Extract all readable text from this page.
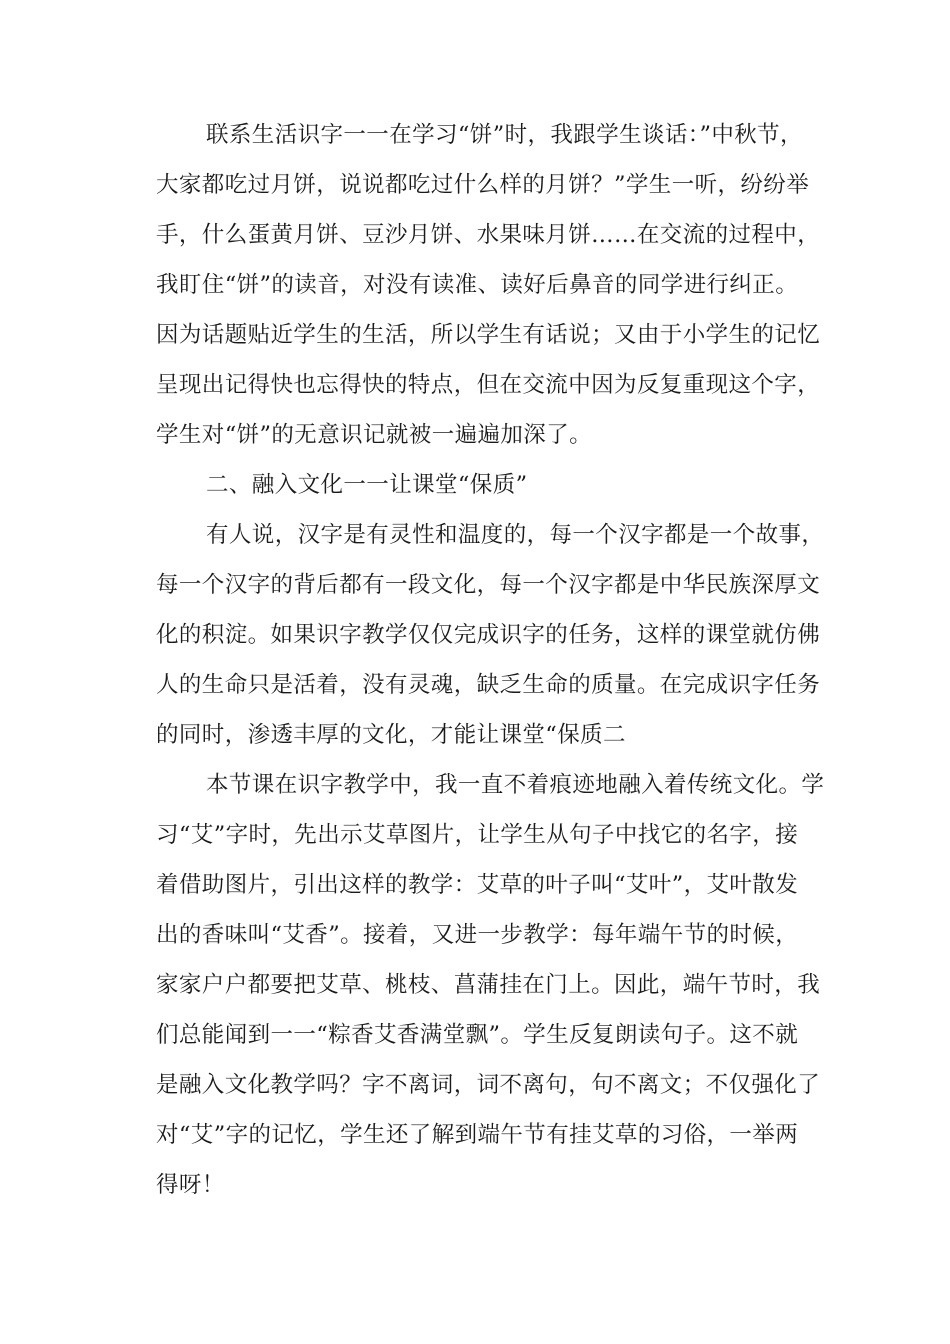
联系生活识字一一在学习“饼”时，我跟学生谈话：”中秋节，

大家都吃过月饼，说说都吃过什么样的月饼？”学生一听，纷纷举

手，什么蛋黄月饼、豆沙月饼、水果味月饼……在交流的过程中，

我盯住“饼”的读音，对没有读准、读好后鼻音的同学进行纠正。

因为话题贴近学生的生活，所以学生有话说；又由于小学生的记忆

呈现出记得快也忘得快的特点，但在交流中因为反复重现这个字，

学生对“饼”的无意识记就被一遍遍加深了。

二、融入文化一一让课堂“保质”

有人说，汉字是有灵性和温度的，每一个汉字都是一个故事，

每一个汉字的背后都有一段文化，每一个汉字都是中华民族深厚文

化的积淀。如果识字教学仅仅完成识字的任务，这样的课堂就仿佛

人的生命只是活着，没有灵魂，缺乏生命的质量。在完成识字任务

的同时，渗透丰厚的文化，才能让课堂“保质二

本节课在识字教学中，我一直不着痕迹地融入着传统文化。学

习“艾”字时，先出示艾草图片，让学生从句子中找它的名字，接

着借助图片，引出这样的教学：艾草的叶子叫“艾叶”，艾叶散发

出的香味叫“艾香”。接着，又进一步教学：每年端午节的时候，

家家户户都要把艾草、桃枝、菖蒲挂在门上。因此，端午节时，我

们总能闻到一一“粽香艾香满堂飘”。学生反复朗读句子。这不就

是融入文化教学吗？字不离词，词不离句，句不离文；不仅强化了

对“艾”字的记忆，学生还了解到端午节有挂艾草的习俗，一举两

得呀！
